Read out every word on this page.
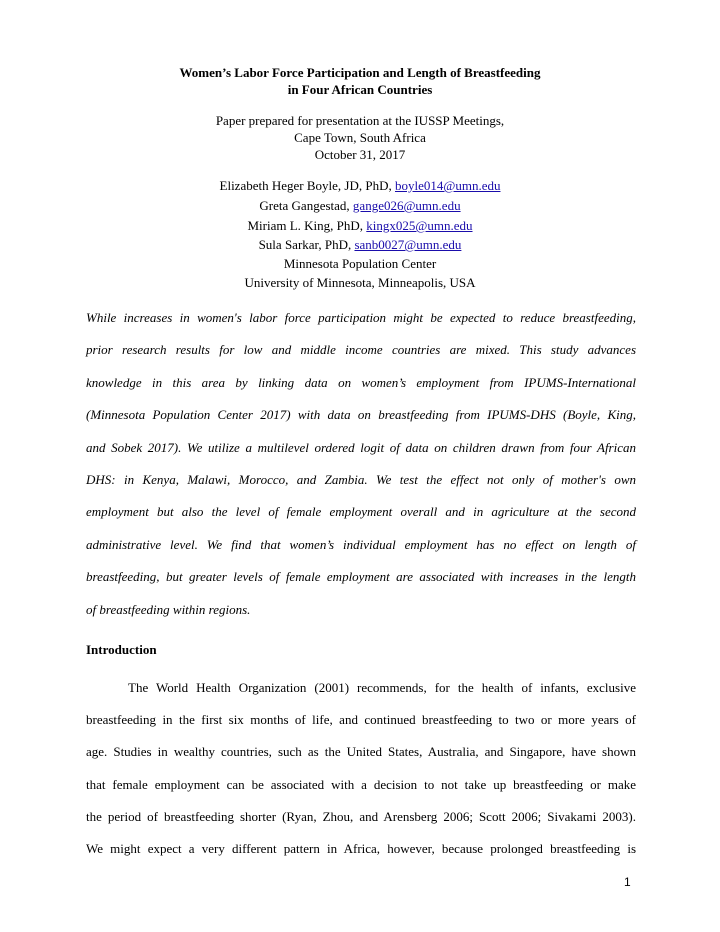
Women’s Labor Force Participation and Length of Breastfeeding
in Four African Countries
Paper prepared for presentation at the IUSSP Meetings,
Cape Town, South Africa
October 31, 2017
Elizabeth Heger Boyle, JD, PhD, boyle014@umn.edu
Greta Gangestad, gange026@umn.edu
Miriam L. King, PhD, kingx025@umn.edu
Sula Sarkar, PhD, sanb0027@umn.edu
Minnesota Population Center
University of Minnesota, Minneapolis, USA
While increases in women's labor force participation might be expected to reduce breastfeeding,
prior research results for low and middle income countries are mixed. This study advances
knowledge in this area by linking data on women’s employment from IPUMS-International
(Minnesota Population Center 2017) with data on breastfeeding from IPUMS-DHS (Boyle, King,
and Sobek 2017). We utilize a multilevel ordered logit of data on children drawn from four African
DHS: in Kenya, Malawi, Morocco, and Zambia. We test the effect not only of mother's own
employment but also the level of female employment overall and in agriculture at the second
administrative level. We find that women’s individual employment has no effect on length of
breastfeeding, but greater levels of female employment are associated with increases in the length
of breastfeeding within regions.
Introduction
The World Health Organization (2001) recommends, for the health of infants, exclusive
breastfeeding in the first six months of life, and continued breastfeeding to two or more years of
age. Studies in wealthy countries, such as the United States, Australia, and Singapore, have shown
that female employment can be associated with a decision to not take up breastfeeding or make
the period of breastfeeding shorter (Ryan, Zhou, and Arensberg 2006; Scott 2006; Sivakami 2003).
We might expect a very different pattern in Africa, however, because prolonged breastfeeding is
1
